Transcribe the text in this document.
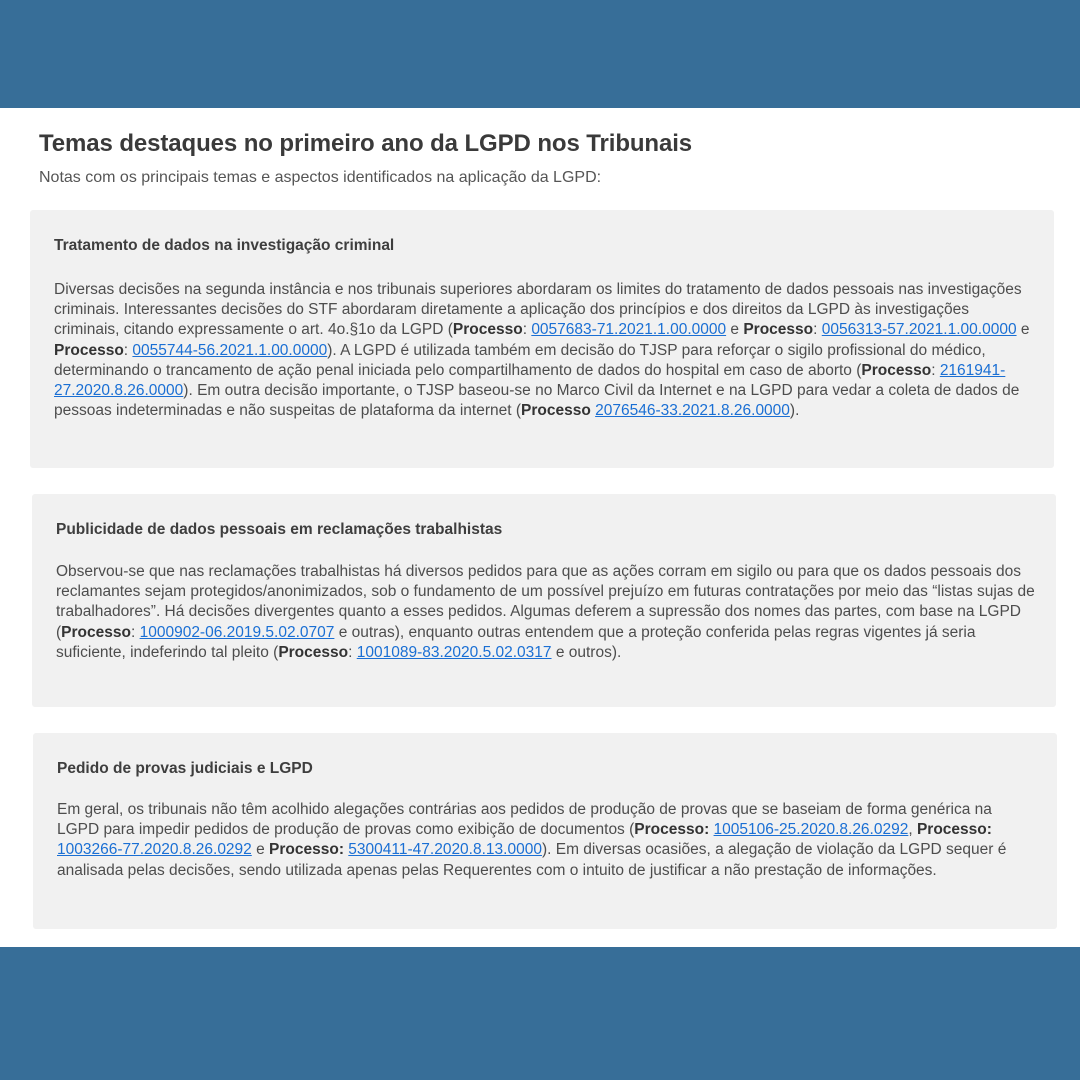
Temas destaques no primeiro ano da LGPD nos Tribunais

Notas com os principais temas e aspectos identificados na aplicação da LGPD:

Tratamento de dados na investigação criminal

Diversas decisões na segunda instância e nos tribunais superiores abordaram os limites do tratamento de dados pessoais nas investigações criminais. Interessantes decisões do STF abordaram diretamente a aplicação dos princípios e dos direitos da LGPD às investigações criminais, citando expressamente o art. 4o.§1o da LGPD (Processo: 0057683-71.2021.1.00.0000 e Processo: 0056313-57.2021.1.00.0000 e Processo: 0055744-56.2021.1.00.0000). A LGPD é utilizada também em decisão do TJSP para reforçar o sigilo profissional do médico, determinando o trancamento de ação penal iniciada pelo compartilhamento de dados do hospital em caso de aborto (Processo: 2161941-27.2020.8.26.0000). Em outra decisão importante, o TJSP baseou-se no Marco Civil da Internet e na LGPD para vedar a coleta de dados de pessoas indeterminadas e não suspeitas de plataforma da internet (Processo 2076546-33.2021.8.26.0000).

Publicidade de dados pessoais em reclamações trabalhistas

Observou-se que nas reclamações trabalhistas há diversos pedidos para que as ações corram em sigilo ou para que os dados pessoais dos reclamantes sejam protegidos/anonimizados, sob o fundamento de um possível prejuízo em futuras contratações por meio das “listas sujas de trabalhadores”. Há decisões divergentes quanto a esses pedidos. Algumas deferem a supressão dos nomes das partes, com base na LGPD (Processo: 1000902-06.2019.5.02.0707 e outras), enquanto outras entendem que a proteção conferida pelas regras vigentes já seria suficiente, indeferindo tal pleito (Processo: 1001089-83.2020.5.02.0317 e outros).

Pedido de provas judiciais e LGPD

Em geral, os tribunais não têm acolhido alegações contrárias aos pedidos de produção de provas que se baseiam de forma genérica na LGPD para impedir pedidos de produção de provas como exibição de documentos (Processo: 1005106-25.2020.8.26.0292, Processo: 1003266-77.2020.8.26.0292 e Processo: 5300411-47.2020.8.13.0000). Em diversas ocasiões, a alegação de violação da LGPD sequer é analisada pelas decisões, sendo utilizada apenas pelas Requerentes com o intuito de justificar a não prestação de informações.
